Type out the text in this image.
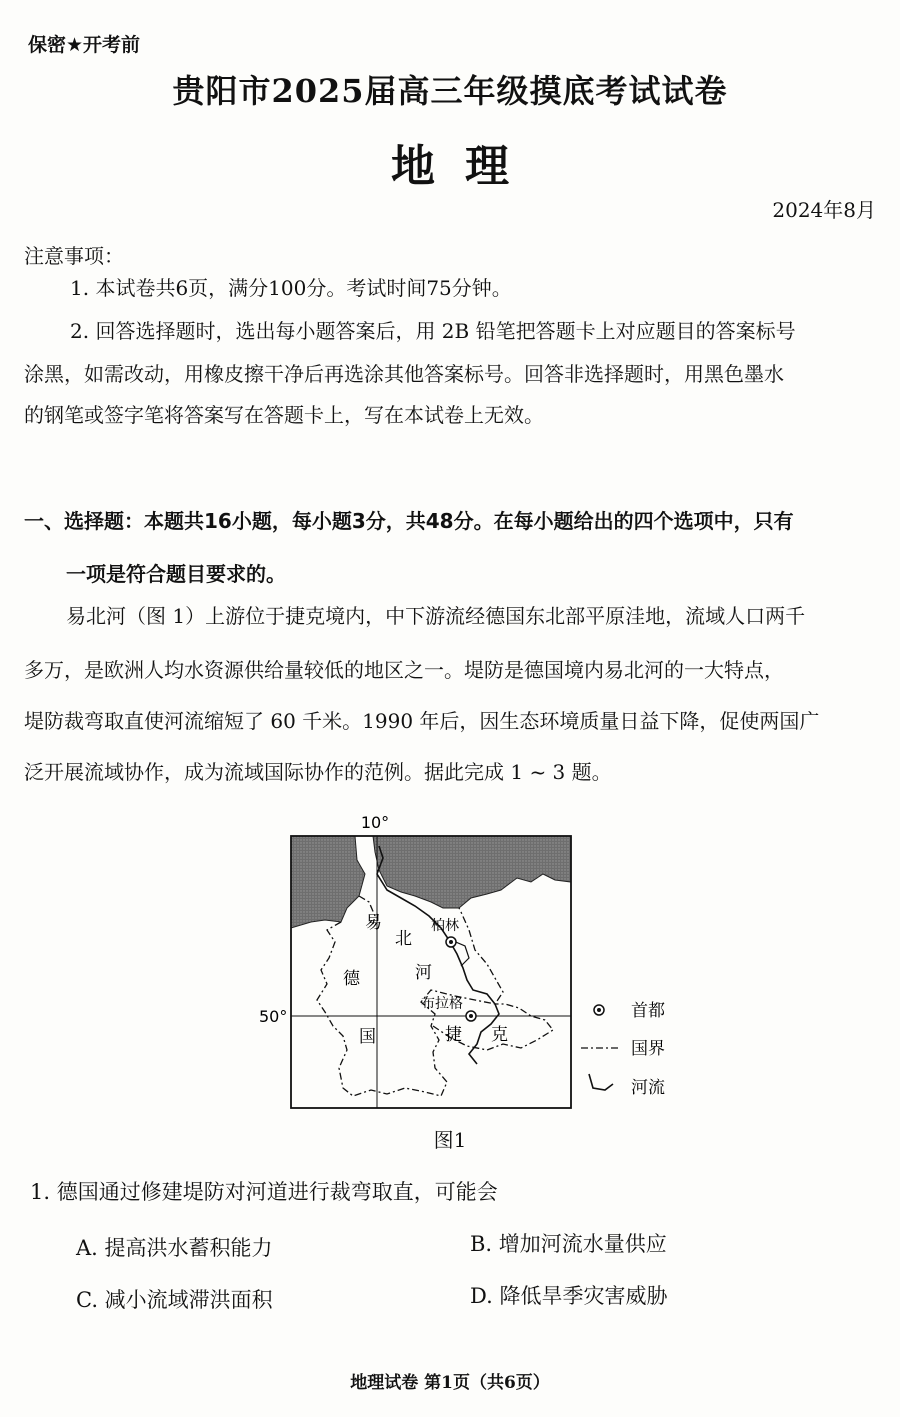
保密★开考前
贵阳市2025届高三年级摸底考试试卷
地理
2024年8月
注意事项：
1. 本试卷共6页，满分100分。考试时间75分钟。
2. 回答选择题时，选出每小题答案后，用 2B 铅笔把答题卡上对应题目的答案标号
涂黑，如需改动，用橡皮擦干净后再选涂其他答案标号。回答非选择题时，用黑色墨水
的钢笔或签字笔将答案写在答题卡上，写在本试卷上无效。
一、选择题：本题共16小题，每小题3分，共48分。在每小题给出的四个选项中，只有
一项是符合题目要求的。
易北河（图 1）上游位于捷克境内，中下游流经德国东北部平原洼地，流域人口两千
多万，是欧洲人均水资源供给量较低的地区之一。堤防是德国境内易北河的一大特点，
堤防裁弯取直使河流缩短了 60 千米。1990 年后，因生态环境质量日益下降，促使两国广
泛开展流域协作，成为流域国际协作的范例。据此完成 1 ~ 3 题。
10°
50°
易
北
河
德
国	捷 克
柏林
布拉格	首都
国界
河流
图1
1. 德国通过修建堤防对河道进行裁弯取直，可能会
A. 提高洪水蓄积能力	B. 增加河流水量供应
C. 减小流域滞洪面积	D. 降低旱季灾害威胁
地理试卷 第1页（共6页）
